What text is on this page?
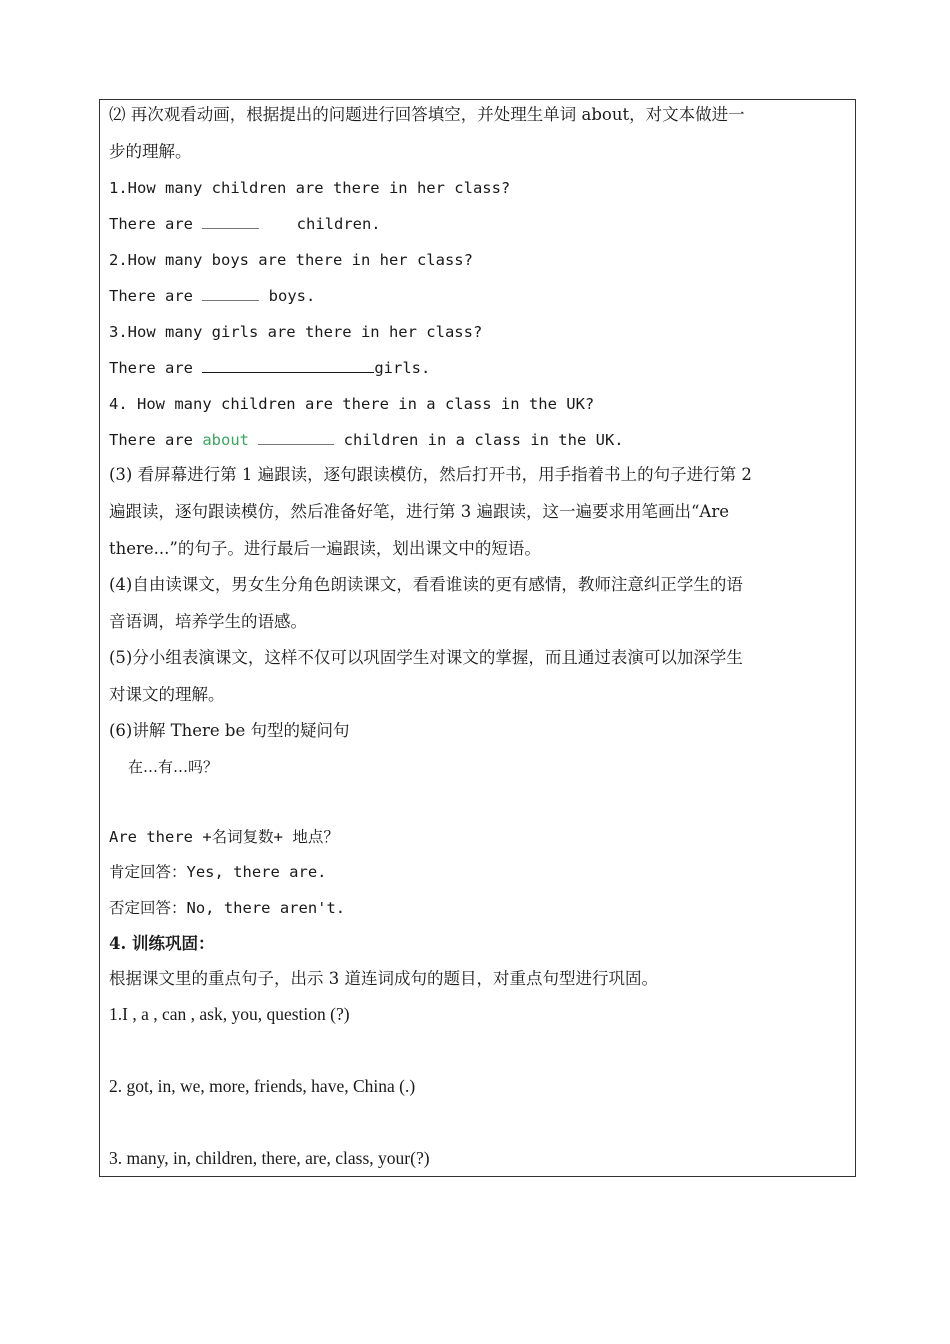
⑵ 再次观看动画，根据提出的问题进行回答填空，并处理生单词 about，对文本做进一
步的理解。
1.How many children are there in her class?
There are	children.
2.How many boys are there in her class?
There are	boys.
3.How many girls are there in her class?
There are	girls.
4. How many children are there in a class in the UK?
There are about	children in a class in the UK.
(3) 看屏幕进行第 1 遍跟读，逐句跟读模仿，然后打开书，用手指着书上的句子进行第 2
遍跟读，逐句跟读模仿，然后准备好笔，进行第 3 遍跟读，这一遍要求用笔画出“Are
there...”的句子。进行最后一遍跟读，划出课文中的短语。
(4)自由读课文，男女生分角色朗读课文，看看谁读的更有感情，教师注意纠正学生的语
音语调，培养学生的语感。
(5)分小组表演课文，这样不仅可以巩固学生对课文的掌握，而且通过表演可以加深学生
对课文的理解。
(6)讲解 There be 句型的疑问句
在…有…吗？
Are there +名词复数+ 地点？
肯定回答：Yes, there are.
否定回答：No, there aren't.
4. 训练巩固：
根据课文里的重点句子，出示 3 道连词成句的题目，对重点句型进行巩固。
1.I , a , can , ask, you, question (?)
2. got, in, we, more, friends, have, China (.)
3. many, in, children, there, are, class, your(?)
